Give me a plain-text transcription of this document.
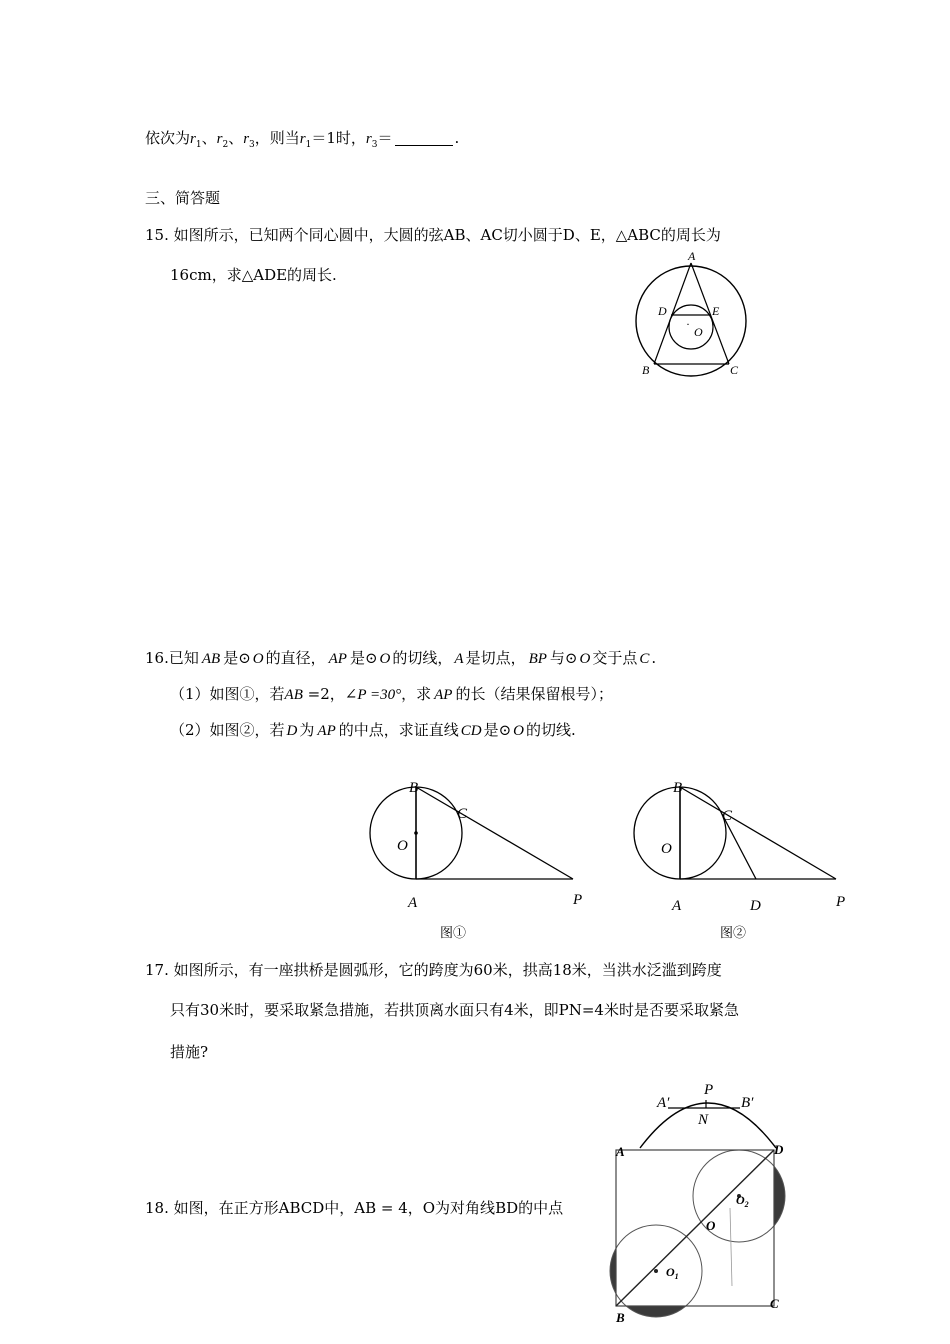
依次为$r_1$、$r_2$、$r_3$，则当$r_1=1$时，$r_3=$	.
三、简答题
15. 如图所示，已知两个同心圆中，大圆的弦AB、AC切小圆于D、E，△ABC的周长为
16cm，求△ADE的周长.
A
D	E
·
O
B	C
16.已知 AB 是⊙ O 的直径， AP 是⊙ O 的切线， A 是切点， BP 与⊙ O 交于点 C .
（1）如图①，若AB =2，∠P =30°，求 AP 的长（结果保留根号）；
（2）如图②，若 D 为 AP 的中点，求证直线 CD 是⊙ O 的切线.
B
C
O
A	P
图①
B
C
O
A	D	P
图②
17. 如图所示，有一座拱桥是圆弧形，它的跨度为60米，拱高18米，当洪水泛滥到跨度
只有30米时，要采取紧急措施，若拱顶离水面只有4米，即PN=4米时是否要采取紧急
措施?
A′
P
B′
N
18. 如图，在正方形ABCD中，AB = 4，O为对角线BD的中点
A	D
O
$O_2$
$O_1$
B
C
